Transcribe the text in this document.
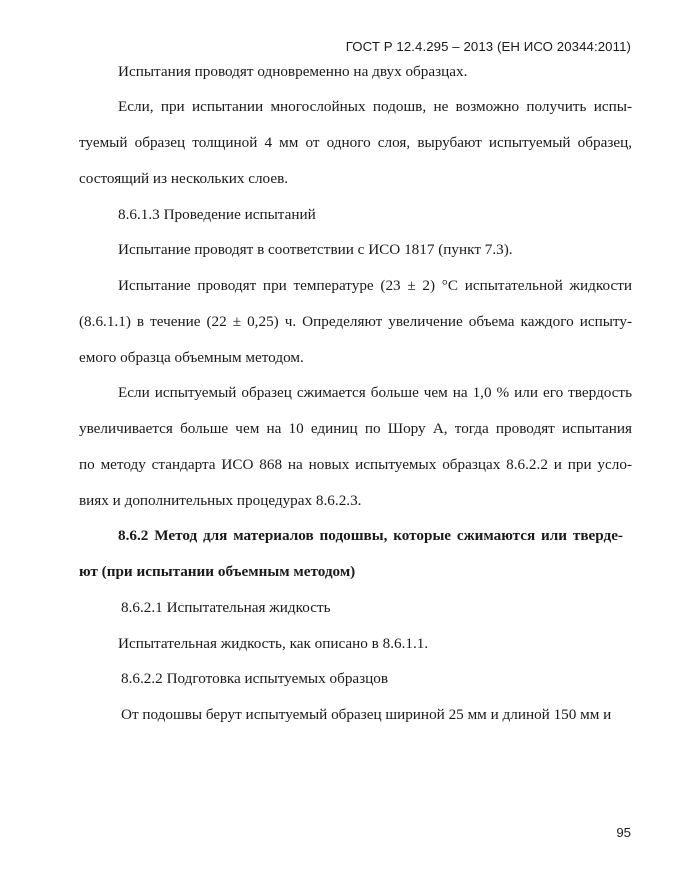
ГОСТ Р 12.4.295 – 2013 (ЕН ИСО 20344:2011)

Испытания проводят одновременно на двух образцах.

Если, при испытании многослойных подошв, не возможно получить испы-

туемый образец толщиной 4 мм от одного слоя, вырубают испытуемый образец,

состоящий из нескольких слоев.

8.6.1.3 Проведение испытаний

Испытание проводят в соответствии с ИСО 1817 (пункт 7.3).

Испытание проводят при температуре (23 ± 2) °С испытательной жидкости

(8.6.1.1) в течение (22 ± 0,25) ч. Определяют увеличение объема каждого испыту-

емого образца объемным методом.

Если испытуемый образец сжимается больше чем на 1,0 % или его твердость

увеличивается больше чем на 10 единиц по Шору А, тогда проводят испытания

по методу стандарта ИСО 868 на новых испытуемых образцах 8.6.2.2 и при усло-

виях и дополнительных процедурах 8.6.2.3.

8.6.2 Метод для материалов подошвы, которые сжимаются или тверде-

ют (при испытании объемным методом)

8.6.2.1 Испытательная жидкость

Испытательная жидкость, как описано в 8.6.1.1.

8.6.2.2 Подготовка испытуемых образцов

От подошвы берут испытуемый образец шириной 25 мм и длиной 150 мм и

95
